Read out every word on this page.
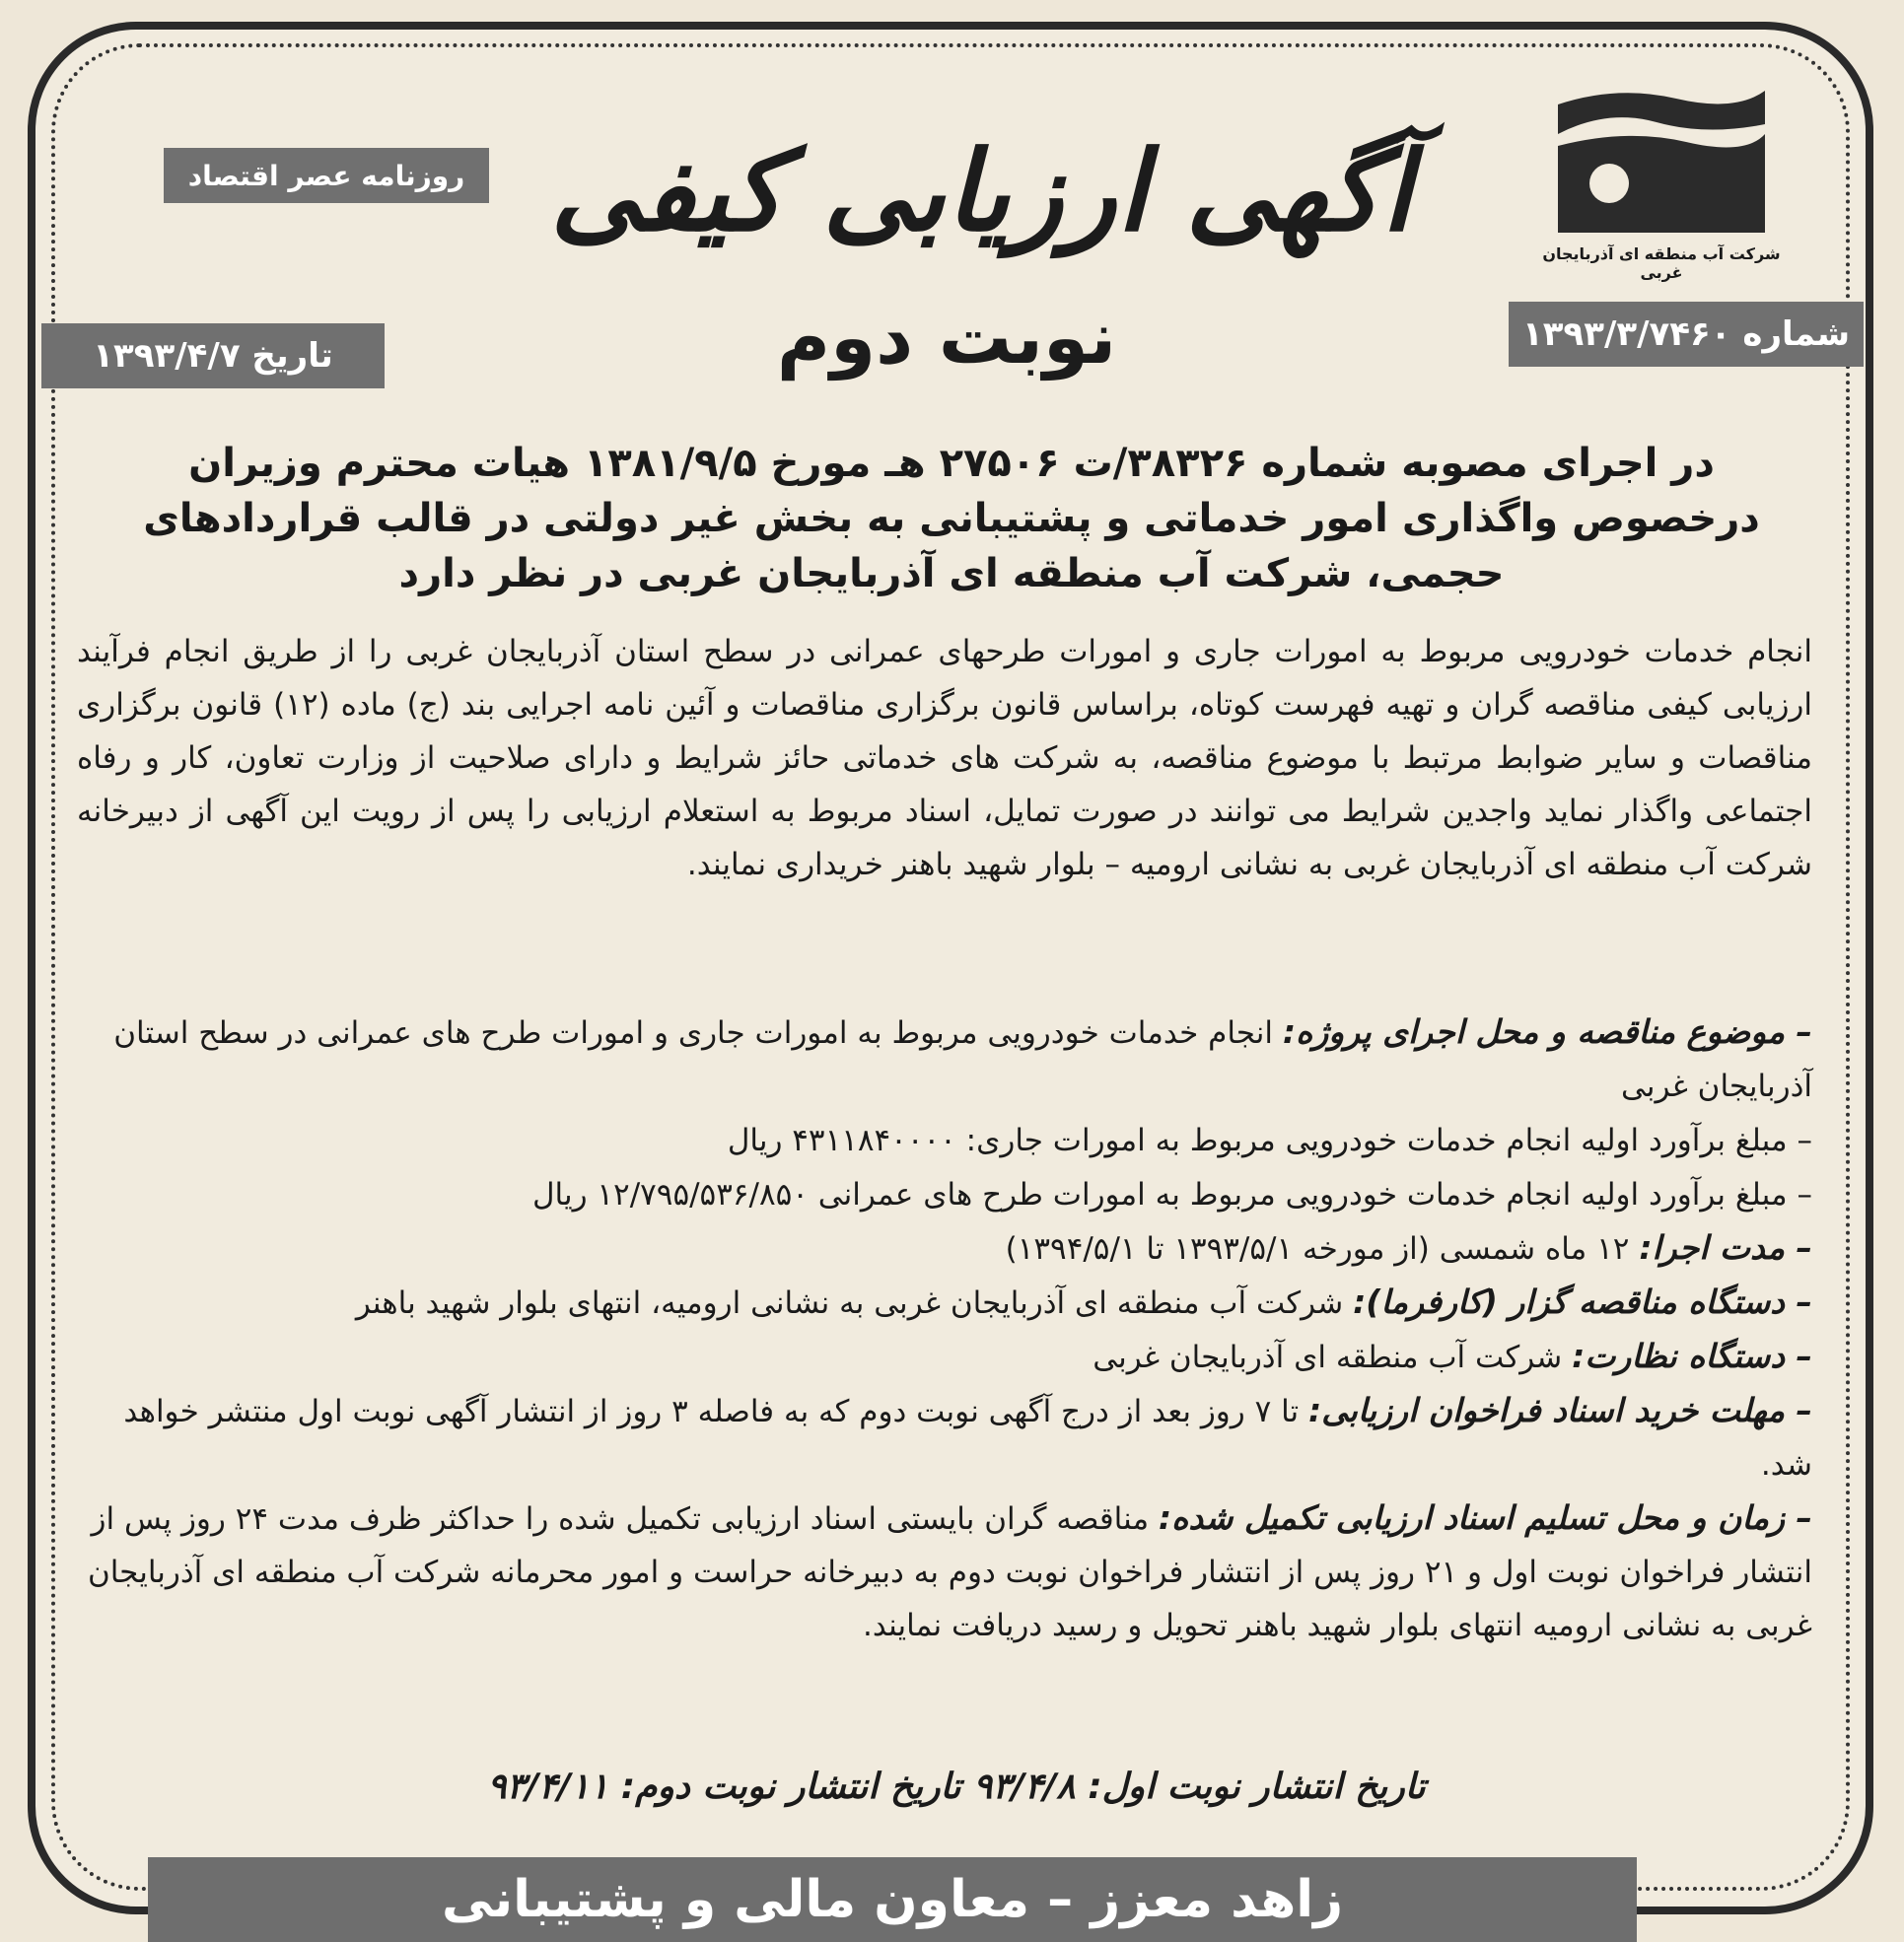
شرکت آب منطقه ای آذربایجان غربی
روزنامه عصر اقتصاد آگهی ارزیابی کیفی
نوبت دوم	شماره ۱۳۹۳/۳/۷۴۶۰
تاریخ ۱۳۹۳/۴/۷
در اجرای مصوبه شماره ۳۸۳۲۶/ت ۲۷۵۰۶ هـ مورخ ۱۳۸۱/۹/۵ هیات محترم وزیران درخصوص واگذاری امور خدماتی و پشتیبانی به بخش غیر دولتی در قالب قراردادهای حجمی، شرکت آب منطقه ای آذربایجان غربی در نظر دارد
انجام خدمات خودرویی مربوط به امورات جاری و امورات طرحهای عمرانی در سطح استان آذربایجان غربی را از طریق انجام فرآیند ارزیابی کیفی مناقصه گران و تهیه فهرست کوتاه، براساس قانون برگزاری مناقصات و آئین نامه اجرایی بند (ج) ماده (۱۲) قانون برگزاری مناقصات و سایر ضوابط مرتبط با موضوع مناقصه، به شرکت های خدماتی حائز شرایط و دارای صلاحیت از وزارت تعاون، کار و رفاه اجتماعی واگذار نماید واجدین شرایط می توانند در صورت تمایل، اسناد مربوط به استعلام ارزیابی را پس از رویت این آگهی از دبیرخانه شرکت آب منطقه ای آذربایجان غربی به نشانی ارومیه – بلوار شهید باهنر خریداری نمایند.

– موضوع مناقصه و محل اجرای پروژه: انجام خدمات خودرویی مربوط به امورات جاری و امورات طرح های عمرانی در سطح استان آذربایجان غربی

– مبلغ برآورد اولیه انجام خدمات خودرویی مربوط به امورات جاری: ۴۳۱۱۸۴۰۰۰۰ ریال

– مبلغ برآورد اولیه انجام خدمات خودرویی مربوط به امورات طرح های عمرانی ۱۲/۷۹۵/۵۳۶/۸۵۰ ریال

– مدت اجرا: ۱۲ ماه شمسی (از مورخه ۱۳۹۳/۵/۱ تا ۱۳۹۴/۵/۱)

– دستگاه مناقصه گزار (کارفرما): شرکت آب منطقه ای آذربایجان غربی به نشانی ارومیه، انتهای بلوار شهید باهنر

– دستگاه نظارت: شرکت آب منطقه ای آذربایجان غربی

– مهلت خرید اسناد فراخوان ارزیابی: تا ۷ روز بعد از درج آگهی نوبت دوم که به فاصله ۳ روز از انتشار آگهی نوبت اول منتشر خواهد شد.

– زمان و محل تسلیم اسناد ارزیابی تکمیل شده: مناقصه گران بایستی اسناد ارزیابی تکمیل شده را حداکثر ظرف مدت ۲۴ روز پس از انتشار فراخوان نوبت اول و ۲۱ روز پس از انتشار فراخوان نوبت دوم به دبیرخانه حراست و امور محرمانه شرکت آب منطقه ای آذربایجان غربی به نشانی ارومیه انتهای بلوار شهید باهنر تحویل و رسید دریافت نمایند.

تاریخ انتشار نوبت اول: ۹۳/۴/۸ تاریخ انتشار نوبت دوم: ۹۳/۴/۱۱
زاهد معزز – معاون مالی و پشتیبانی
